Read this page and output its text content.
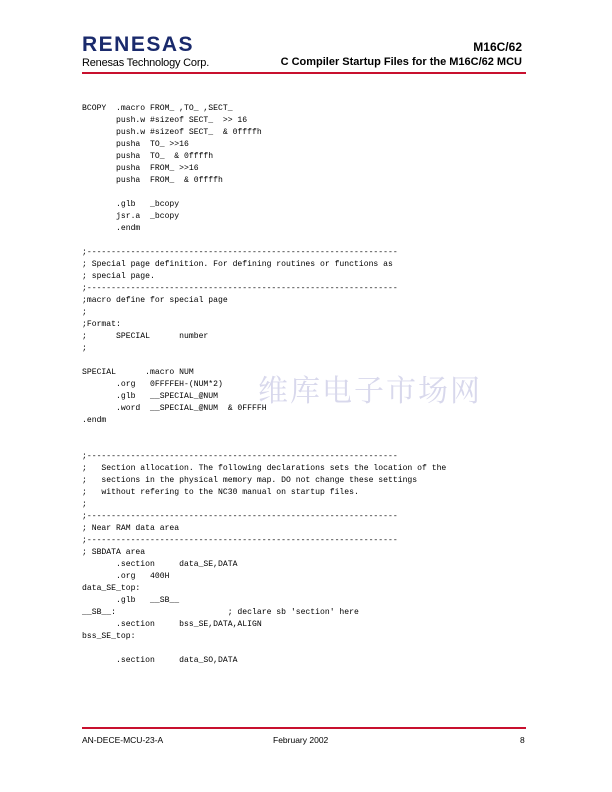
RENESAS
Renesas Technology Corp.
M16C/62
C Compiler Startup Files for the M16C/62 MCU
维库电子市场网
BCOPY  .macro FROM_ ,TO_ ,SECT_
push.w #sizeof SECT_  >> 16
push.w #sizeof SECT_  & 0ffffh
pusha  TO_ >>16
pusha  TO_  & 0ffffh
pusha  FROM_ >>16
pusha  FROM_  & 0ffffh

.glb   _bcopy
jsr.a  _bcopy
.endm

;----------------------------------------------------------------
; Special page definition. For defining routines or functions as
; special page.
;----------------------------------------------------------------
;macro define for special page
;
;Format:
;      SPECIAL      number
;

SPECIAL      .macro NUM
.org   0FFFFEH-(NUM*2)
.glb   __SPECIAL_@NUM
.word  __SPECIAL_@NUM  & 0FFFFH
.endm

;----------------------------------------------------------------
;   Section allocation. The following declarations sets the location of the
;   sections in the physical memory map. DO not change these settings
;   without refering to the NC30 manual on startup files.
;
;----------------------------------------------------------------
; Near RAM data area
;----------------------------------------------------------------
; SBDATA area
.section     data_SE,DATA
.org   400H
data_SE_top:
.glb   __SB__
__SB__:                       ; declare sb 'section' here
.section     bss_SE,DATA,ALIGN
bss_SE_top:

.section     data_SO,DATA

AN-DECE-MCU-23-A	February 2002	8
